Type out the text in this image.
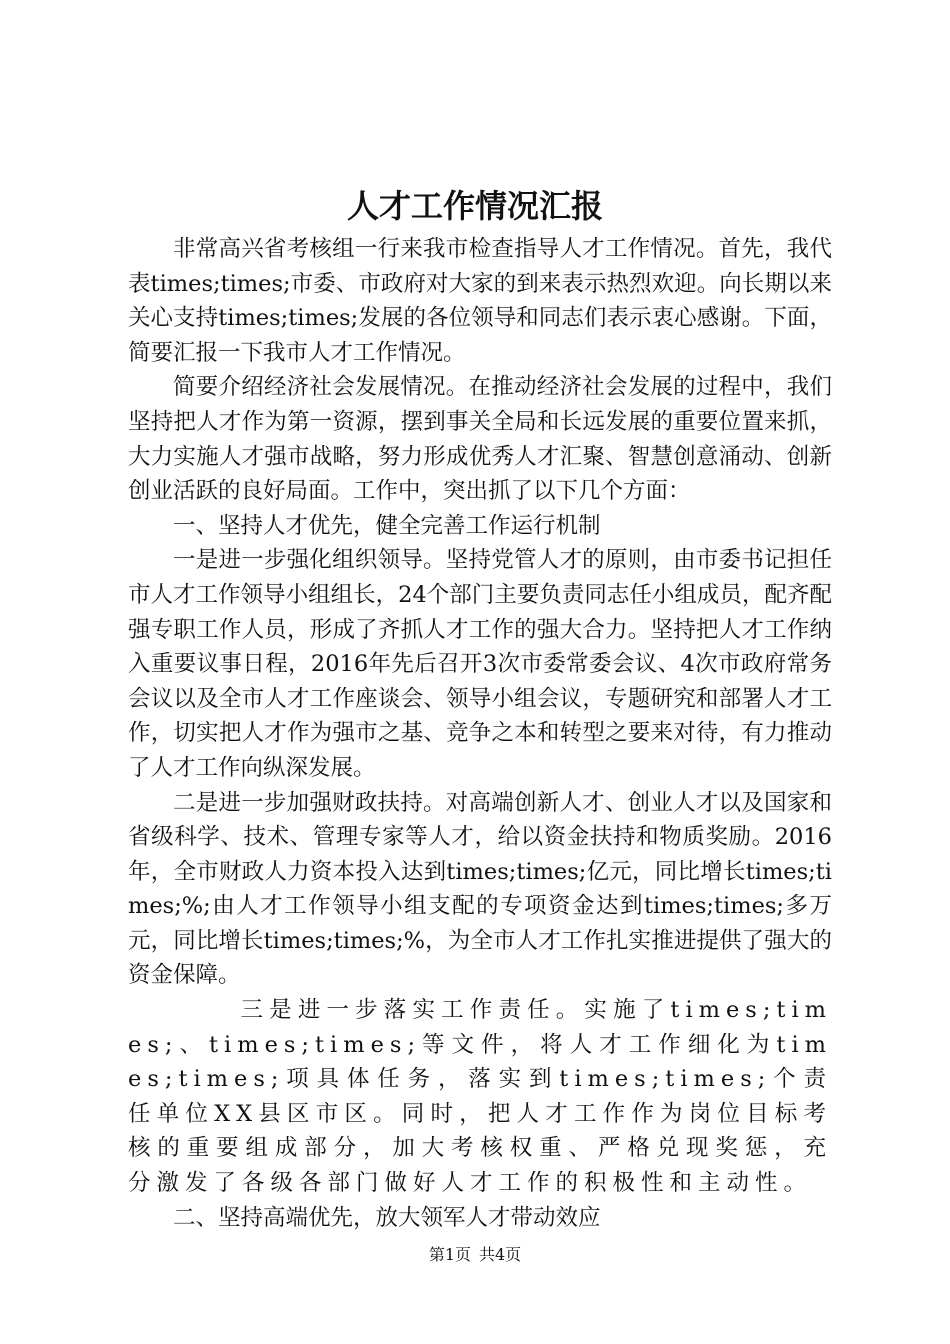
人才工作情况汇报

非常高兴省考核组一行来我市检查指导人才工作情况。首先，我代表times;times;市委、市政府对大家的到来表示热烈欢迎。向长期以来关心支持times;times;发展的各位领导和同志们表示衷心感谢。下面，简要汇报一下我市人才工作情况。

简要介绍经济社会发展情况。在推动经济社会发展的过程中，我们坚持把人才作为第一资源，摆到事关全局和长远发展的重要位置来抓，大力实施人才强市战略，努力形成优秀人才汇聚、智慧创意涌动、创新创业活跃的良好局面。工作中，突出抓了以下几个方面：

一、坚持人才优先，健全完善工作运行机制

一是进一步强化组织领导。坚持党管人才的原则，由市委书记担任市人才工作领导小组组长，24个部门主要负责同志任小组成员，配齐配强专职工作人员，形成了齐抓人才工作的强大合力。坚持把人才工作纳入重要议事日程，2016年先后召开3次市委常委会议、4次市政府常务会议以及全市人才工作座谈会、领导小组会议，专题研究和部署人才工作，切实把人才作为强市之基、竞争之本和转型之要来对待，有力推动了人才工作向纵深发展。

二是进一步加强财政扶持。对高端创新人才、创业人才以及国家和省级科学、技术、管理专家等人才，给以资金扶持和物质奖励。2016年，全市财政人力资本投入达到times;times;亿元，同比增长times;times;%;由人才工作领导小组支配的专项资金达到times;times;多万元，同比增长times;times;%，为全市人才工作扎实推进提供了强大的资金保障。

三是进一步落实工作责任。实施了times;times;、times;times;等文件，将人才工作细化为times;times;项具体任务，落实到times;times;个责任单位XX县区市区。同时，把人才工作作为岗位目标考核的重要组成部分，加大考核权重、严格兑现奖惩，充分激发了各级各部门做好人才工作的积极性和主动性。

二、坚持高端优先，放大领军人才带动效应

第1页 共4页
